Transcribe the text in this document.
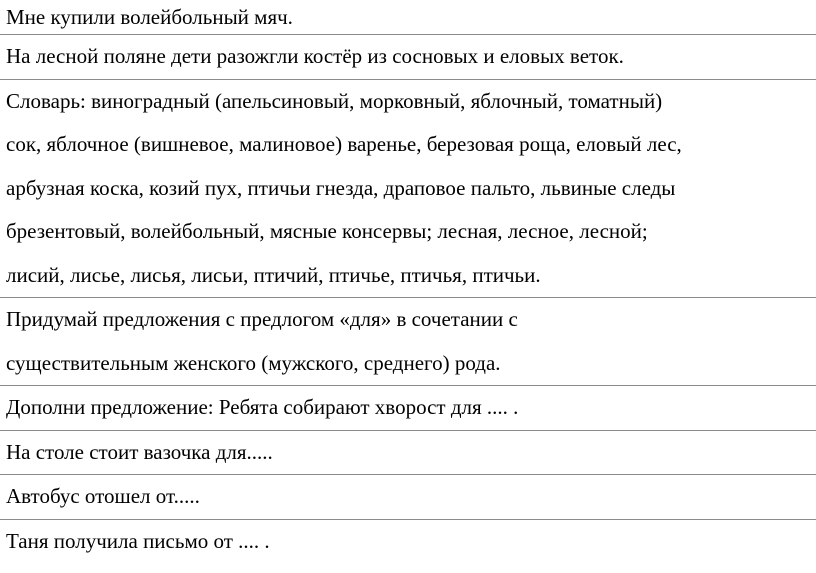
Мне купили волейбольный мяч.
На лесной поляне дети разожгли костёр из сосновых и еловых веток.
Словарь: виноградный (апельсиновый, морковный, яблочный, томатный)
сок, яблочное (вишневое, малиновое) варенье, березовая роща, еловый лес,
арбузная коска, козий пух, птичьи гнезда, драповое пальто, львиные следы
брезентовый, волейбольный, мясные консервы; лесная, лесное, лесной;
лисий, лисье, лисья, лисьи, птичий, птичье, птичья, птичьи.
Придумай предложения с предлогом «для» в сочетании с
существительным женского (мужского, среднего) рода.
Дополни предложение: Ребята собирают хворост для .... .
На столе стоит вазочка для.....
Автобус отошел от.....
Таня получила письмо от .... .
